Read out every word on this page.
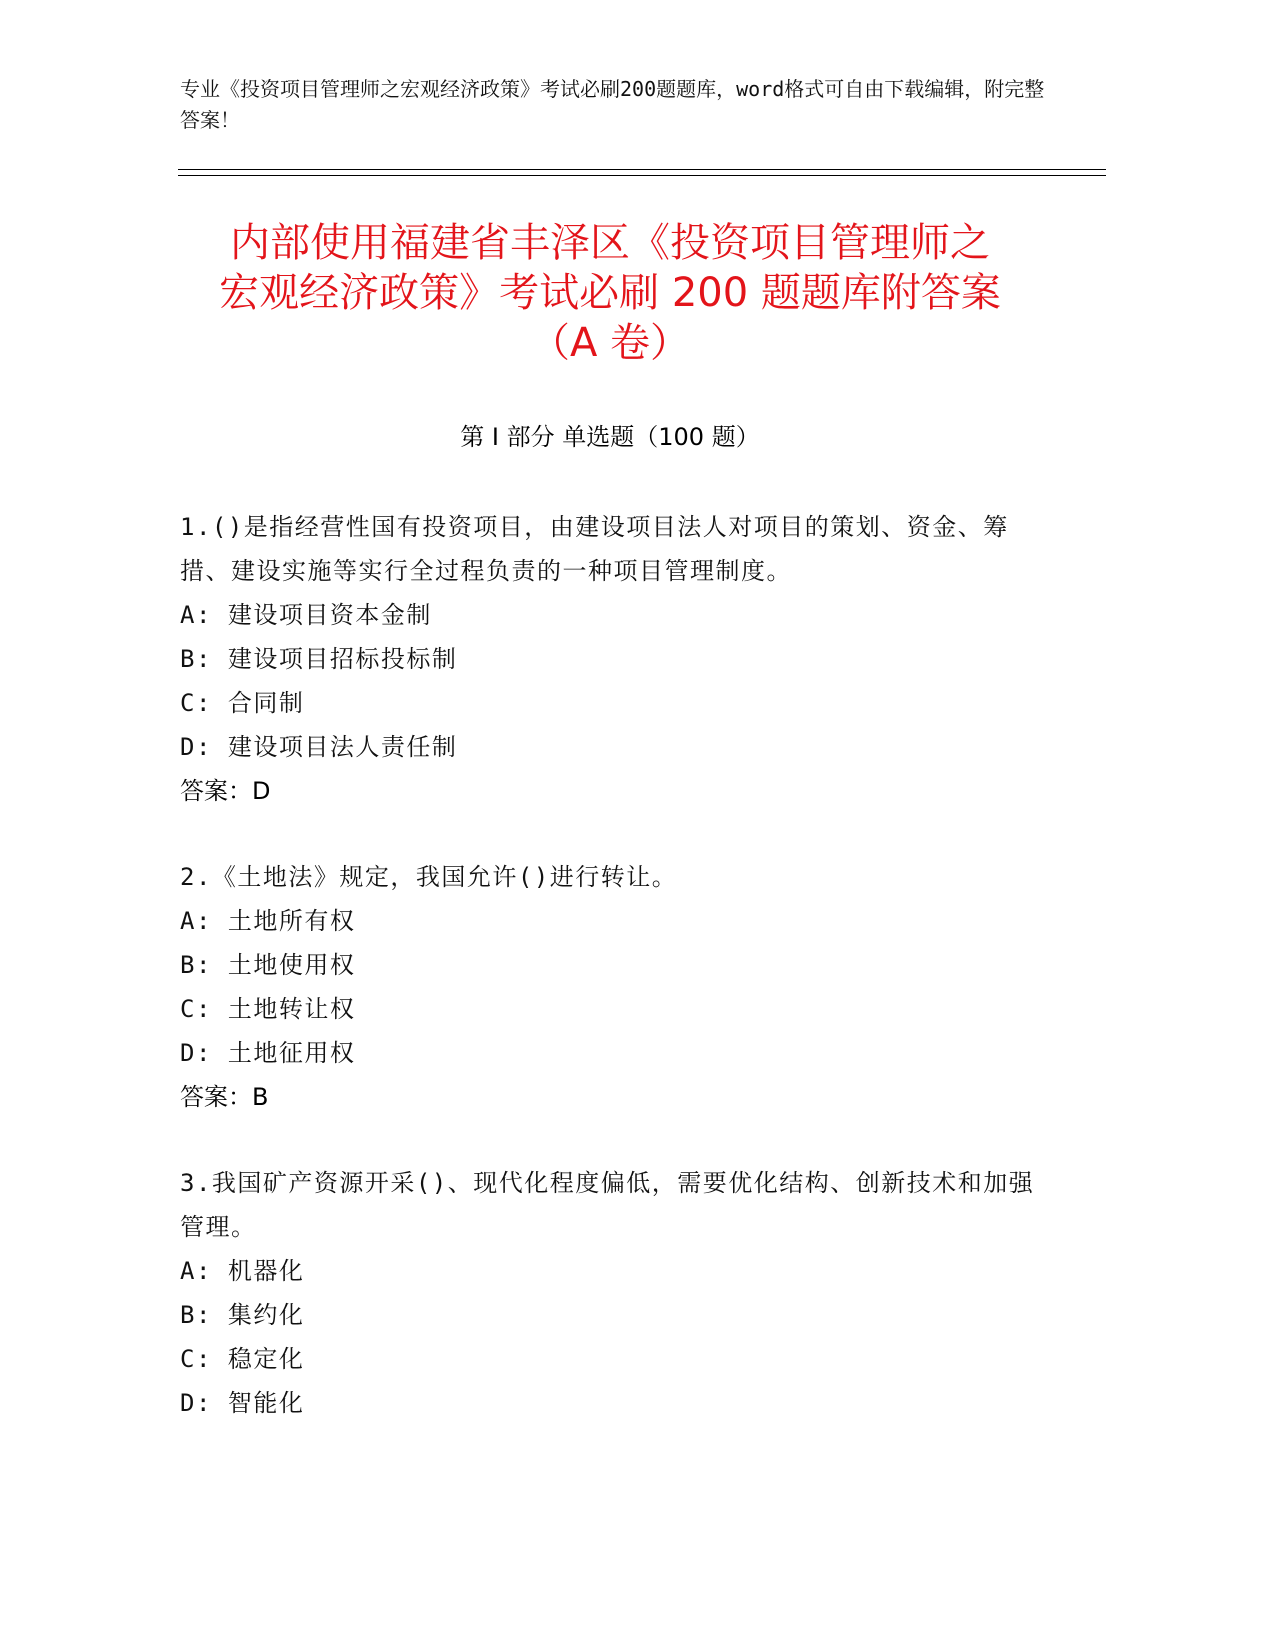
专业《投资项目管理师之宏观经济政策》考试必刷200题题库，word格式可自由下载编辑，附完整答案！
内部使用福建省丰泽区《投资项目管理师之
宏观经济政策》考试必刷 200 题题库附答案
（A 卷）
第 I 部分 单选题（100 题）

1.()是指经营性国有投资项目，由建设项目法人对项目的策划、资金、筹措、建设实施等实行全过程负责的一种项目管理制度。

A: 建设项目资本金制

B: 建设项目招标投标制

C: 合同制

D: 建设项目法人责任制

答案：D

2.《土地法》规定，我国允许()进行转让。

A: 土地所有权

B: 土地使用权

C: 土地转让权

D: 土地征用权

答案：B

3.我国矿产资源开采()、现代化程度偏低，需要优化结构、创新技术和加强管理。

A: 机器化

B: 集约化

C: 稳定化

D: 智能化
